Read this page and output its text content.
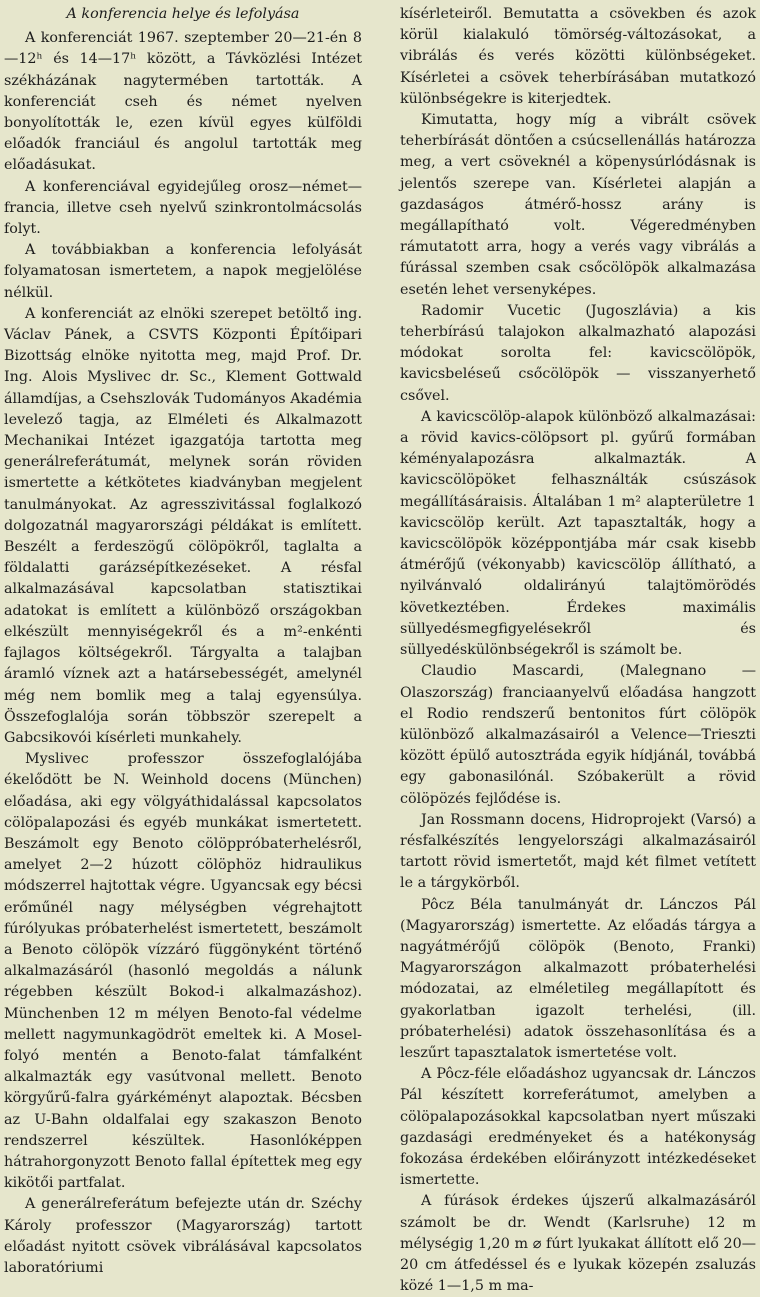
A konferencia helye és lefolyása

A konferenciát 1967. szeptember 20—21-én 8—12ʰ és 14—17ʰ között, a Távközlési Intézet székházának nagytermében tartották. A konferenciát cseh és német nyelven bonyolították le, ezen kívül egyes külföldi előadók franciául és angolul tartották meg előadásukat.

A konferenciával egyidejűleg orosz—német—francia, illetve cseh nyelvű szinkrontolmácsolás folyt.

A továbbiakban a konferencia lefolyását folyamatosan ismertetem, a napok megjelölése nélkül.

A konferenciát az elnöki szerepet betöltő ing. Václav Pánek, a CSVTS Központi Építőipari Bizottság elnöke nyitotta meg, majd Prof. Dr. Ing. Alois Myslivec dr. Sc., Klement Gottwald államdíjas, a Csehszlovák Tudományos Akadémia levelező tagja, az Elméleti és Alkalmazott Mechanikai Intézet igazgatója tartotta meg generálreferátumát, melynek során röviden ismertette a kétkötetes kiadványban megjelent tanulmányokat. Az agresszivitással foglalkozó dolgozatnál magyarországi példákat is említett. Beszélt a ferdeszögű cölöpökről, taglalta a földalatti garázsépítkezéseket. A résfal alkalmazásával kapcsolatban statisztikai adatokat is említett a különböző országokban elkészült mennyiségekről és a m²-enkénti fajlagos költségekről. Tárgyalta a talajban áramló víznek azt a határsebességét, amelynél még nem bomlik meg a talaj egyensúlya. Összefoglalója során többször szerepelt a Gabcsikovói kísérleti munkahely.

Myslivec professzor összefoglalójába ékelődött be N. Weinhold docens (München) előadása, aki egy völgyáthidalással kapcsolatos cölöpalapozási és egyéb munkákat ismertetett. Beszámolt egy Benoto cölöppróbaterhelésről, amelyet 2—2 húzott cölöphöz hidraulikus módszerrel hajtottak végre. Ugyancsak egy bécsi erőműnél nagy mélységben végrehajtott fúrólyukas próbaterhelést ismertetett, beszámolt a Benoto cölöpök vízzáró függönyként történő alkalmazásáról (hasonló megoldás a nálunk régebben készült Bokod-i alkalmazáshoz). Münchenben 12 m mélyen Benoto-fal védelme mellett nagymunkagödröt emeltek ki. A Mosel-folyó mentén a Benoto-falat támfalként alkalmazták egy vasútvonal mellett. Benoto körgyűrű-falra gyárkéményt alapoztak. Bécsben az U-Bahn oldalfalai egy szakaszon Benoto rendszerrel készültek. Hasonlóképpen hátrahorgonyzott Benoto fallal építettek meg egy kikötői partfalat.

A generálreferátum befejezte után dr. Széchy Károly professzor (Magyarország) tartott előadást nyitott csövek vibrálásával kapcsolatos laboratóriumi

kísérleteiről. Bemutatta a csövekben és azok körül kialakuló tömörség-változásokat, a vibrálás és verés közötti különbségeket. Kísérletei a csövek teherbírásában mutatkozó különbségekre is kiterjedtek.

Kimutatta, hogy míg a vibrált csövek teherbírását döntően a csúcsellenállás határozza meg, a vert csöveknél a köpenysúrlódásnak is jelentős szerepe van. Kísérletei alapján a gazdaságos átmérő-hossz arány is megállapítható volt. Végeredményben rámutatott arra, hogy a verés vagy vibrálás a fúrással szemben csak csőcölöpök alkalmazása esetén lehet versenyképes.

Radomir Vucetic (Jugoszlávia) a kis teherbírású talajokon alkalmazható alapozási módokat sorolta fel: kavicscölöpök, kavicsbeléseű csőcölöpök — visszanyerhető csővel.

A kavicscölöp-alapok különböző alkalmazásai: a rövid kavics-cölöpsort pl. gyűrű formában kéményalapozásra alkalmazták. A kavicscölöpöket felhasználták csúszások megállításáraisis. Általában 1 m² alapterületre 1 kavicscölöp került. Azt tapasztalták, hogy a kavicscölöpök középpontjába már csak kisebb átmérőjű (vékonyabb) kavicscölöp állítható, a nyilvánvaló oldalirányú talajtömörödés következtében. Érdekes maximális süllyedésmegfigyelésekről és süllyedéskülönbségekről is számolt be.

Claudio Mascardi, (Malegnano — Olaszország) franciaanyelvű előadása hangzott el Rodio rendszerű bentonitos fúrt cölöpök különböző alkalmazásairól a Velence—Trieszti között épülő autosztráda egyik hídjánál, továbbá egy gabonasilónál. Szóbakerült a rövid cölöpözés fejlődése is.

Jan Rossmann docens, Hidroprojekt (Varsó) a résfalkészítés lengyelországi alkalmazásairól tartott rövid ismertetőt, majd két filmet vetített le a tárgykörből.

Pôcz Béla tanulmányát dr. Lánczos Pál (Magyarország) ismertette. Az előadás tárgya a nagyátmérőjű cölöpök (Benoto, Franki) Magyarországon alkalmazott próbaterhelési módozatai, az elméletileg megállapított és gyakorlatban igazolt terhelési, (ill. próbaterhelési) adatok összehasonlítása és a leszűrt tapasztalatok ismertetése volt.

A Pôcz-féle előadáshoz ugyancsak dr. Lánczos Pál készített korreferátumot, amelyben a cölöpalapozásokkal kapcsolatban nyert műszaki gazdasági eredményeket és a hatékonyság fokozása érdekében előirányzott intézkedéseket ismertette.

A fúrások érdekes újszerű alkalmazásáról számolt be dr. Wendt (Karlsruhe) 12 m mélységig 1,20 m ⌀ fúrt lyukakat állított elő 20—20 cm átfedéssel és e lyukak közepén zsaluzás közé 1—1,5 m ma-
